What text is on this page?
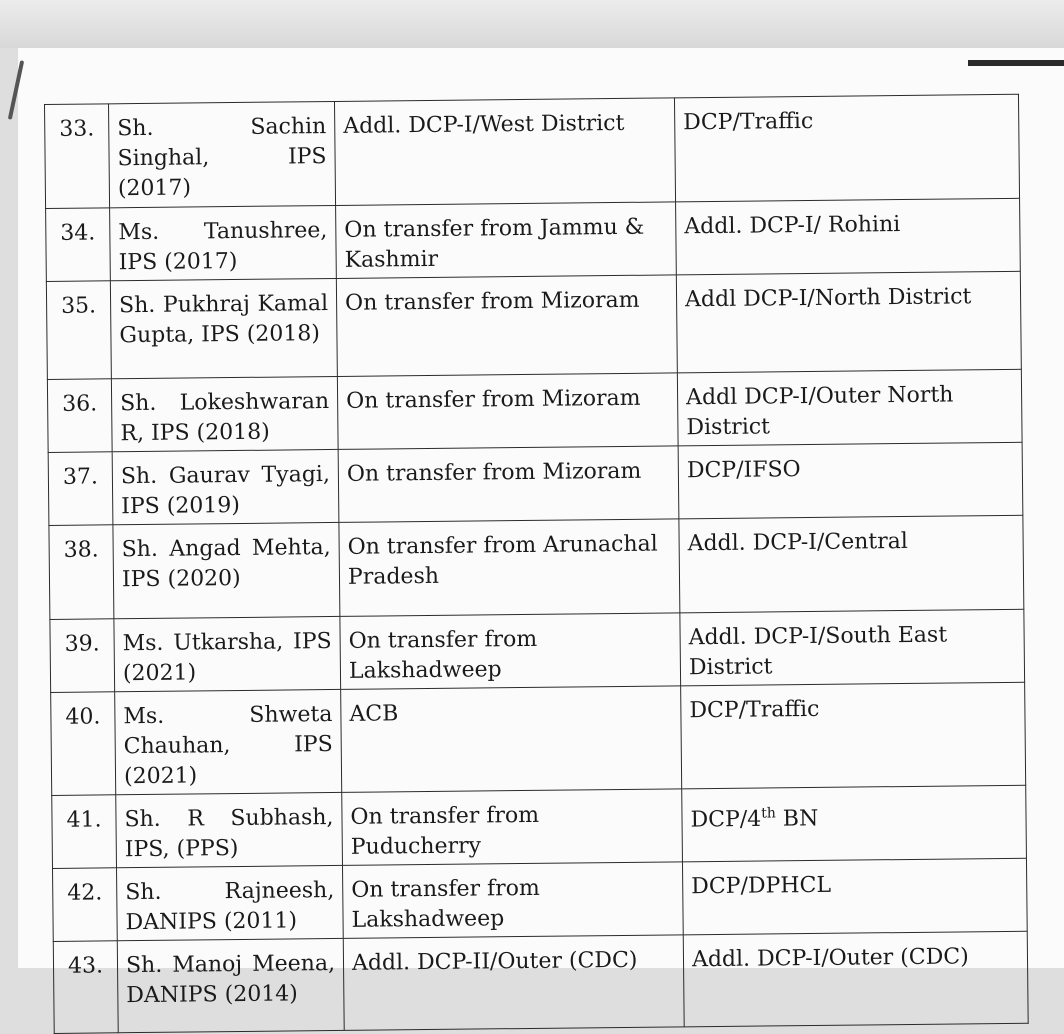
33.	Sh. Sachin Singhal, IPS (2017)	Addl. DCP-I/West District	DCP/Traffic
34.	Ms. Tanushree, IPS (2017)	On transfer from Jammu & Kashmir	Addl. DCP-I/ Rohini
35.	Sh. Pukhraj Kamal Gupta, IPS (2018)	On transfer from Mizoram	Addl DCP-I/North District
36.	Sh. Lokeshwaran R, IPS (2018)	On transfer from Mizoram	Addl DCP-I/Outer North District
37.	Sh. Gaurav Tyagi, IPS (2019)	On transfer from Mizoram	DCP/IFSO
38.	Sh. Angad Mehta, IPS (2020)	On transfer from Arunachal Pradesh	Addl. DCP-I/Central
39.	Ms. Utkarsha, IPS (2021)	On transfer from Lakshadweep	Addl. DCP-I/South East District
40.	Ms. Shweta Chauhan, IPS (2021)	ACB	DCP/Traffic
41.	Sh. R Subhash, IPS, (PPS)	On transfer from Puducherry	DCP/4th BN
42.	Sh. Rajneesh, DANIPS (2011)	On transfer from Lakshadweep	DCP/DPHCL
43.	Sh. Manoj Meena, DANIPS (2014)	Addl. DCP-II/Outer (CDC)	Addl. DCP-I/Outer (CDC)
